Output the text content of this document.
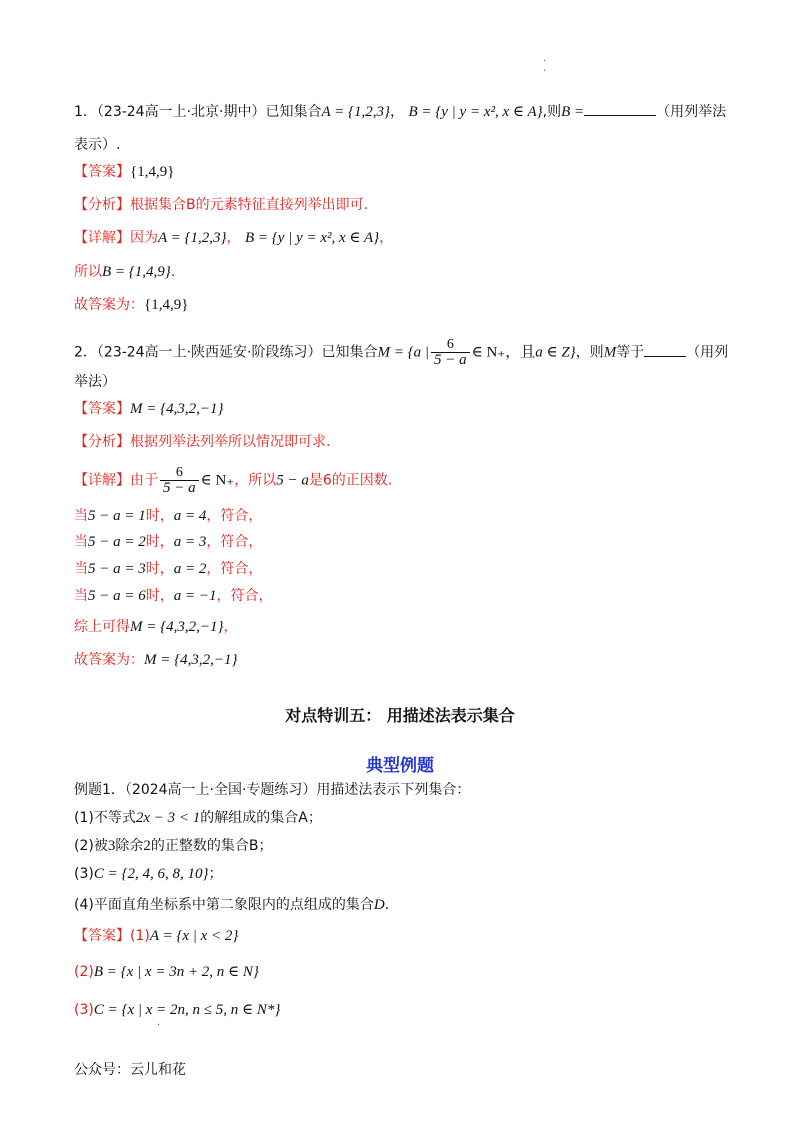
·
·
1．（23-24高一上·北京·期中）已知集合A = {1,2,3}， B = {y | y = x², x ∈ A},则B =	（用列举法
表示）.
【答案】{1,4,9}
【分析】根据集合B的元素特征直接列举出即可.
【详解】因为A = {1,2,3}， B = {y | y = x², x ∈ A}，
所以B = {1,4,9}.
故答案为：{1,4,9}
2．（23-24高一上·陕西延安·阶段练习）已知集合M = {a | $\frac{6}{5 - a}$ ∈ N₊，且a ∈ Z}，则M等于	（用列
举法）
【答案】M = {4,3,2,−1}
【分析】根据列举法列举所以情况即可求.
【详解】由于 $\frac{6}{5 - a}$ ∈ N₊，所以5 − a是6的正因数.
当5 − a = 1时，a = 4，符合，
当5 − a = 2时，a = 3，符合，
当5 − a = 3时，a = 2，符合，
当5 − a = 6时，a = −1，符合，
综上可得M = {4,3,2,−1}，
故答案为：M = {4,3,2,−1}
对点特训五： 用描述法表示集合
典型例题
例题1．（2024高一上·全国·专题练习）用描述法表示下列集合：
(1)不等式2x − 3 < 1的解组成的集合A；
(2)被3除余2的正整数的集合B；
(3)C = {2, 4, 6, 8, 10}；
(4)平面直角坐标系中第二象限内的点组成的集合D．
【答案】(1)A = {x | x < 2}
(2)B = {x | x = 3n + 2, n ∈ N}
(3)C = {x | x = 2n, n ≤ 5, n ∈ N*}
·
公众号：云儿和花
